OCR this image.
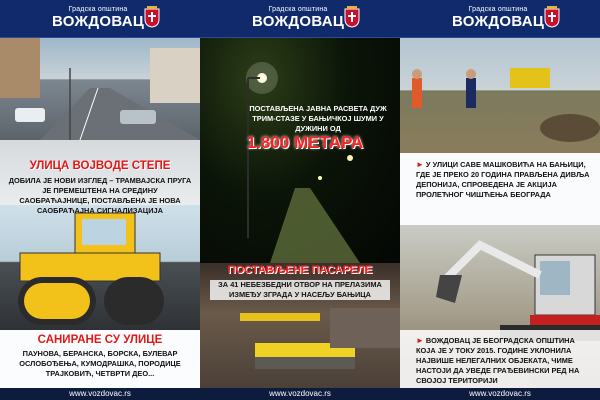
Градска општина
ВОЖДОВАЦ
УЛИЦА ВОЈВОДЕ СТЕПЕ
ДОБИЛА ЈЕ НОВИ ИЗГЛЕД – ТРАМВАЈСКА ПРУГА ЈЕ ПРЕМЕШТЕНА НА СРЕДИНУ САОБРАЋАЈНИЦЕ, ПОСТАВЉЕНА ЈЕ НОВА САОБРАЋАЈНА СИГНАЛИЗАЦИЈА
САНИРАНЕ СУ УЛИЦЕ
ПАУНОВА, БЕРАНСКА, БОРСКА, БУЛЕВАР ОСЛОБОЂЕЊА, КУМОДРАШКА, ПОРОДИЦЕ ТРАЈКОВИЋ, ЧЕТВРТИ ДЕО...
www.vozdovac.rs
Градска општина
ВОЖДОВАЦ
ПОСТАВЉЕНА ЈАВНА РАСВЕТА ДУЖ ТРИМ-СТАЗЕ У БАЊИЧКОЈ ШУМИ У ДУЖИНИ ОД
1.800 МЕТАРА
ПОСТАВЉЕНЕ ПАСАРЕЛЕ
ЗА 41 НЕБЕЗБЕДНИ ОТВОР НА ПРЕЛАЗИМА ИЗМЕЂУ ЗГРАДА У НАСЕЉУ БАЊИЦА
www.vozdovac.rs
Градска општина
ВОЖДОВАЦ
► У УЛИЦИ САВЕ МАШКОВИЋА НА БАЊИЦИ, ГДЕ ЈЕ ПРЕКО 20 ГОДИНА ПРАВЉЕНА ДИВЉА ДЕПОНИЈА, СПРОВЕДЕНА ЈЕ АКЦИЈА ПРОЛЕЋНОГ ЧИШЋЕЊА БЕОГРАДА
► ВОЖДОВАЦ ЈЕ БЕОГРАДСКА ОПШТИНА КОЈА ЈЕ У ТОКУ 2015. ГОДИНЕ УКЛОНИЛА НАЈВИШЕ НЕЛЕГАЛНИХ ОБЈЕКАТА, ЧИМЕ НАСТОЈИ ДА УВЕДЕ ГРАЂЕВИНСКИ РЕД НА СВОЈОЈ ТЕРИТОРИЈИ
www.vozdovac.rs
